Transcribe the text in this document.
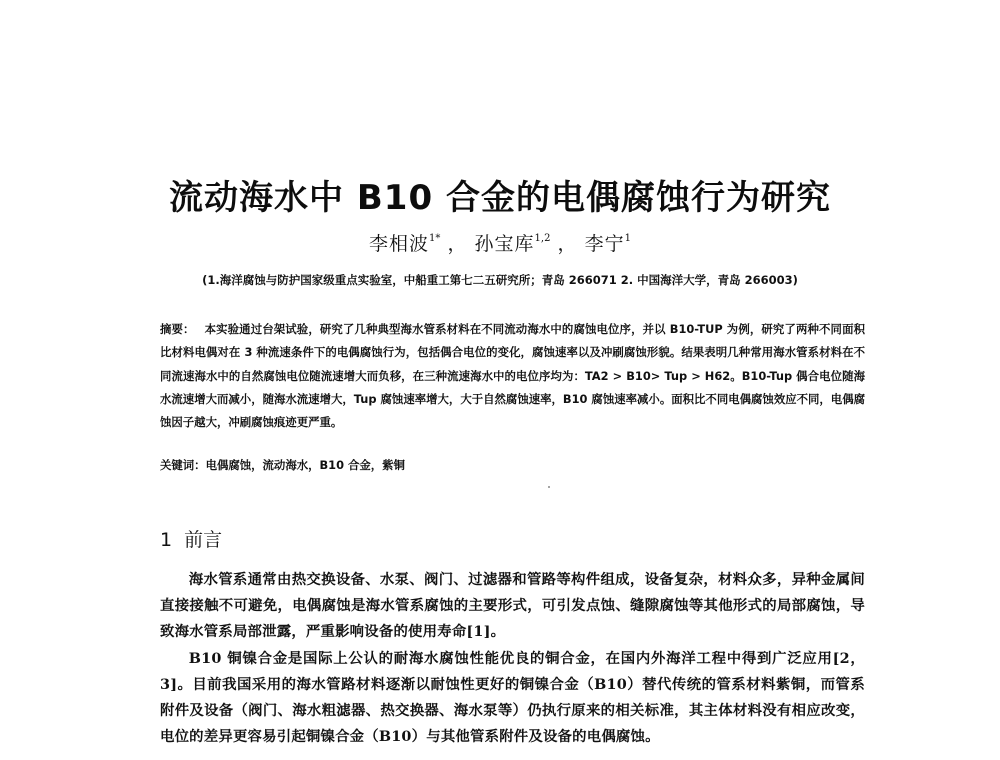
流动海水中 B10 合金的电偶腐蚀行为研究
李相波$^{1*}$ ， 孙宝库$^{1,2}$ ， 李宁$^1$
(1.海洋腐蚀与防护国家级重点实验室，中船重工第七二五研究所；青岛 266071 2. 中国海洋大学，青岛 266003)
摘要： 本实验通过台架试验，研究了几种典型海水管系材料在不同流动海水中的腐蚀电位序，并以 B10-TUP 为例，研究了两种不同面积比材料电偶对在 3 种流速条件下的电偶腐蚀行为，包括偶合电位的变化，腐蚀速率以及冲刷腐蚀形貌。结果表明几种常用海水管系材料在不同流速海水中的自然腐蚀电位随流速增大而负移，在三种流速海水中的电位序均为：TA2 > B10> Tup > H62。B10-Tup 偶合电位随海水流速增大而减小，随海水流速增大，Tup 腐蚀速率增大，大于自然腐蚀速率，B10 腐蚀速率减小。面积比不同电偶腐蚀效应不同，电偶腐蚀因子越大，冲刷腐蚀痕迹更严重。
关键词：电偶腐蚀，流动海水，B10 合金，紫铜
1 前言

海水管系通常由热交换设备、水泵、阀门、过滤器和管路等构件组成，设备复杂，材料众多，异种金属间直接接触不可避免，电偶腐蚀是海水管系腐蚀的主要形式，可引发点蚀、缝隙腐蚀等其他形式的局部腐蚀，导致海水管系局部泄露，严重影响设备的使用寿命[1]。

B10 铜镍合金是国际上公认的耐海水腐蚀性能优良的铜合金，在国内外海洋工程中得到广泛应用[2，3]。目前我国采用的海水管路材料逐渐以耐蚀性更好的铜镍合金（B10）替代传统的管系材料紫铜，而管系附件及设备（阀门、海水粗滤器、热交换器、海水泵等）仍执行原来的相关标准，其主体材料没有相应改变，电位的差异更容易引起铜镍合金（B10）与其他管系附件及设备的电偶腐蚀。
